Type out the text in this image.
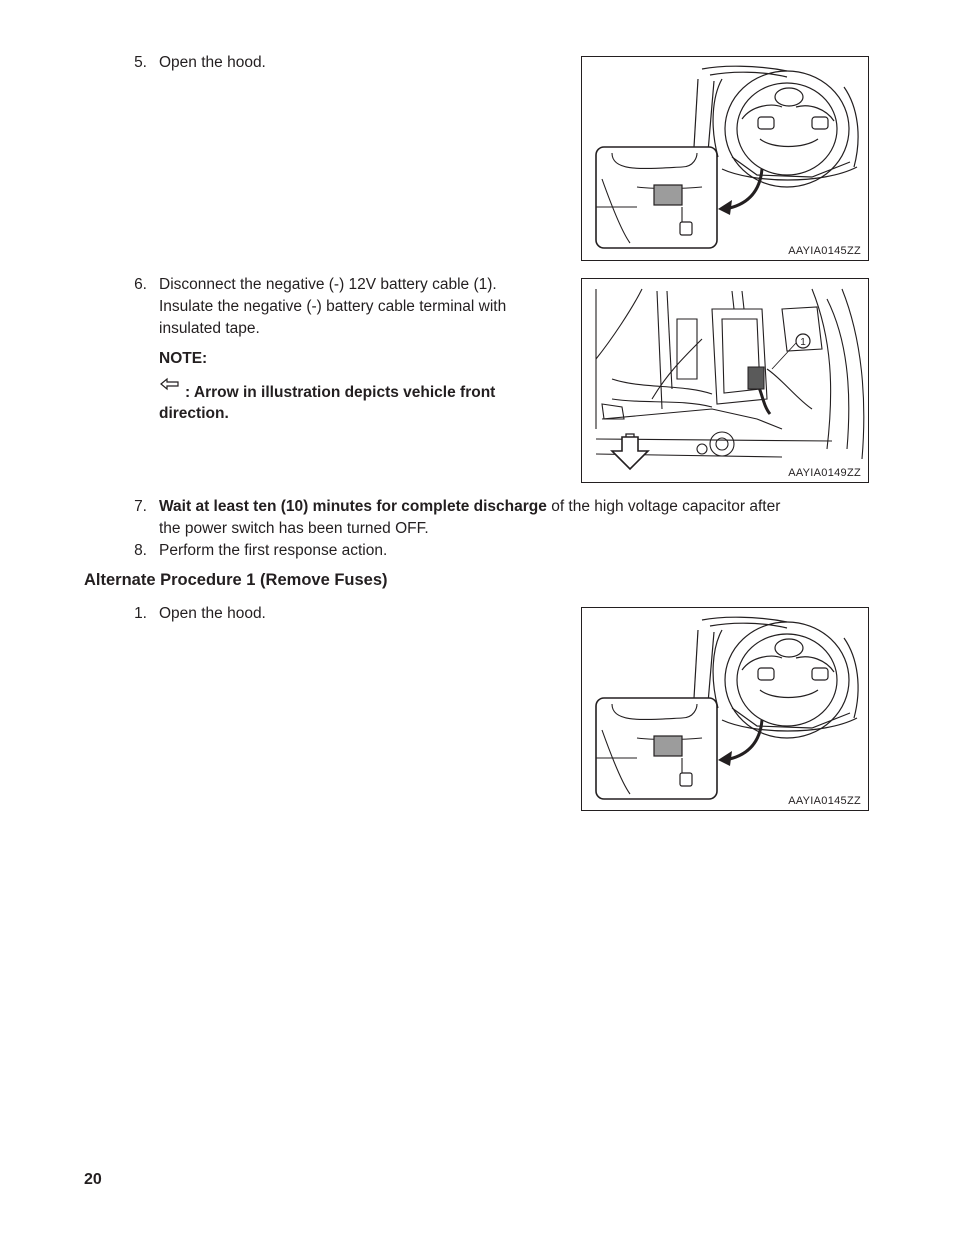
5. Open the hood.
AAYIA0145ZZ
6. Disconnect the negative (-) 12V battery cable (1).
Insulate the negative (-) battery cable terminal with
insulated tape.
NOTE:
: Arrow in illustration depicts vehicle front
direction.
1
AAYIA0149ZZ
7. Wait at least ten (10) minutes for complete discharge of the high voltage capacitor after
the power switch has been turned OFF.
8. Perform the first response action.
Alternate Procedure 1 (Remove Fuses)
1. Open the hood.
AAYIA0145ZZ
20
